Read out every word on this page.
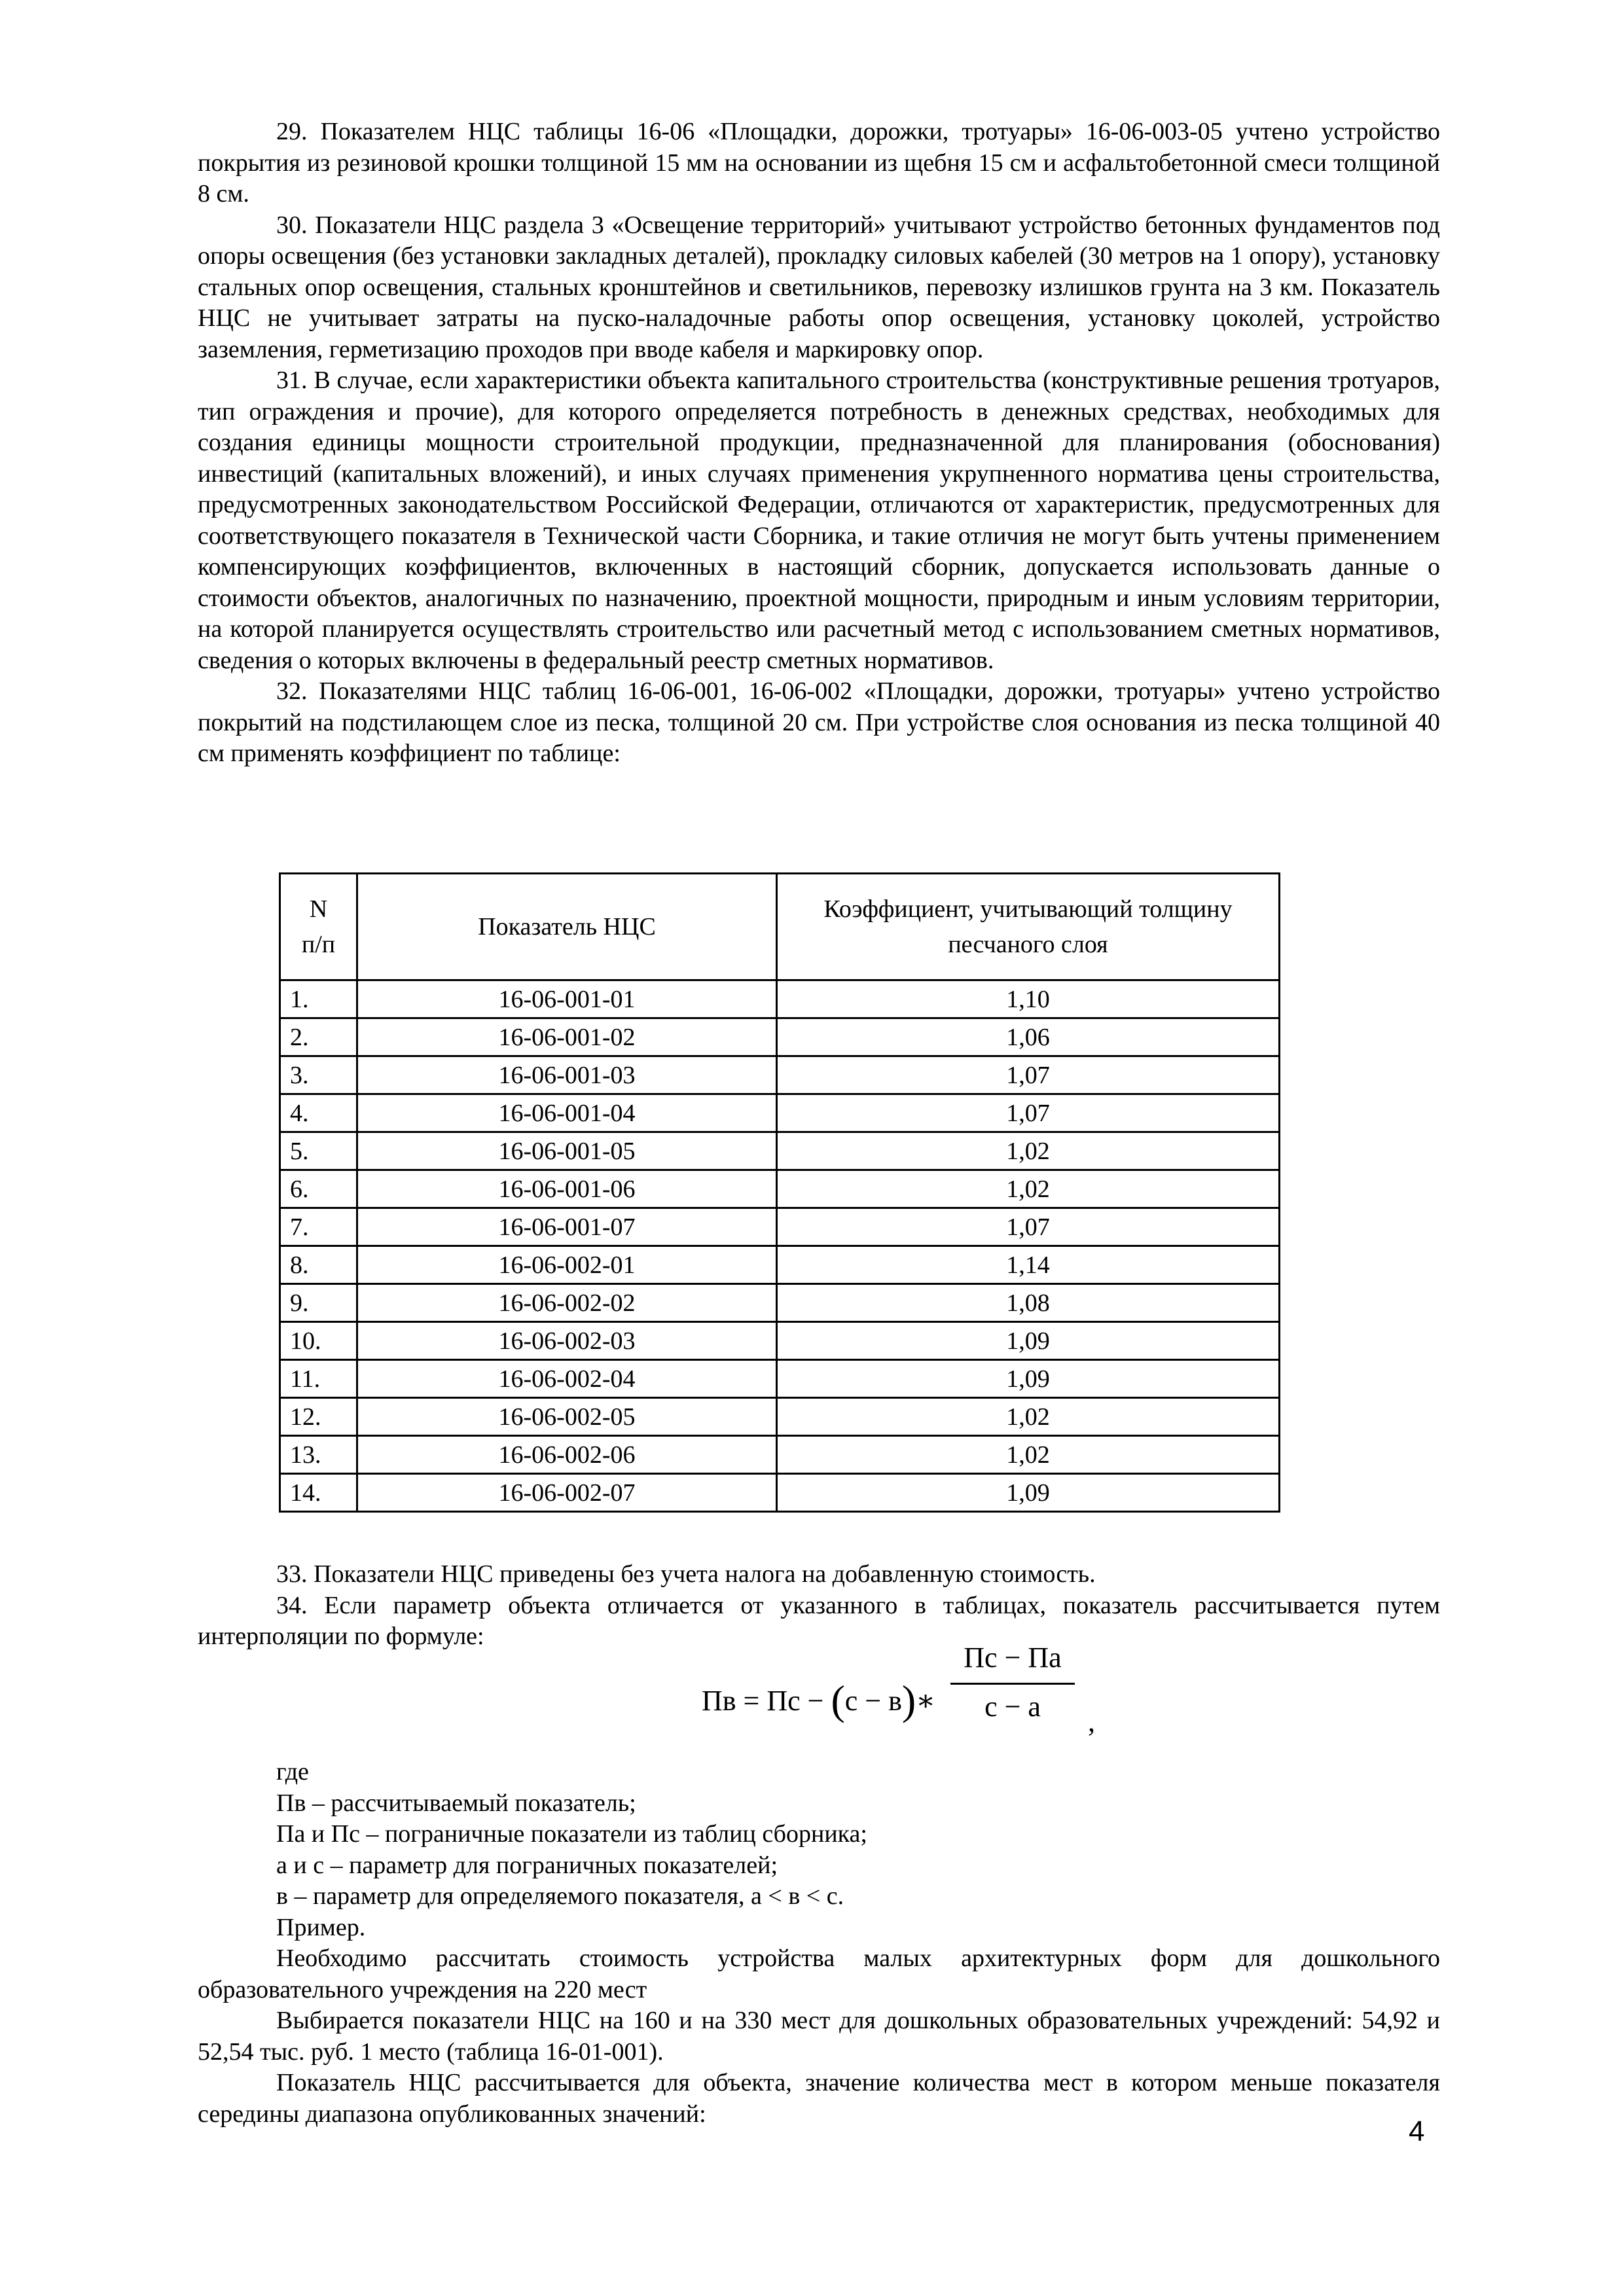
29. Показателем НЦС таблицы 16-06 «Площадки, дорожки, тротуары» 16-06-003-05 учтено устройство покрытия из резиновой крошки толщиной 15 мм на основании из щебня 15 см и асфальтобетонной смеси толщиной 8 см.

30. Показатели НЦС раздела 3 «Освещение территорий» учитывают устройство бетонных фундаментов под опоры освещения (без установки закладных деталей), прокладку силовых кабелей (30 метров на 1 опору), установку стальных опор освещения, стальных кронштейнов и светильников, перевозку излишков грунта на 3 км. Показатель НЦС не учитывает затраты на пуско-наладочные работы опор освещения, установку цоколей, устройство заземления, герметизацию проходов при вводе кабеля и маркировку опор.

31. В случае, если характеристики объекта капитального строительства (конструктивные решения тротуаров, тип ограждения и прочие), для которого определяется потребность в денежных средствах, необходимых для создания единицы мощности строительной продукции, предназначенной для планирования (обоснования) инвестиций (капитальных вложений), и иных случаях применения укрупненного норматива цены строительства, предусмотренных законодательством Российской Федерации, отличаются от характеристик, предусмотренных для соответствующего показателя в Технической части Сборника, и такие отличия не могут быть учтены применением компенсирующих коэффициентов, включенных в настоящий сборник, допускается использовать данные о стоимости объектов, аналогичных по назначению, проектной мощности, природным и иным условиям территории, на которой планируется осуществлять строительство или расчетный метод с использованием сметных нормативов, сведения о которых включены в федеральный реестр сметных нормативов.

32. Показателями НЦС таблиц 16-06-001, 16-06-002 «Площадки, дорожки, тротуары» учтено устройство покрытий на подстилающем слое из песка, толщиной 20 см. При устройстве слоя основания из песка толщиной 40 см применять коэффициент по таблице:

N п/п	Показатель НЦС	Коэффициент, учитывающий толщину песчаного слоя
1.	16-06-001-01	1,10
2.	16-06-001-02	1,06
3.	16-06-001-03	1,07
4.	16-06-001-04	1,07
5.	16-06-001-05	1,02
6.	16-06-001-06	1,02
7.	16-06-001-07	1,07
8.	16-06-002-01	1,14
9.	16-06-002-02	1,08
10.	16-06-002-03	1,09
11.	16-06-002-04	1,09
12.	16-06-002-05	1,02
13.	16-06-002-06	1,02
14.	16-06-002-07	1,09

33. Показатели НЦС приведены без учета налога на добавленную стоимость.

34. Если параметр объекта отличается от указанного в таблицах, показатель рассчитывается путем интерполяции по формуле:

Пв = Пс − (с − в)∗
Пс − Па
с − а	,

где

Пв – рассчитываемый показатель;

Па и Пс – пограничные показатели из таблиц сборника;

а и с – параметр для пограничных показателей;

в – параметр для определяемого показателя, а < в < с.

Пример.

Необходимо рассчитать стоимость устройства малых архитектурных форм для дошкольного образовательного учреждения на 220 мест

Выбирается показатели НЦС на 160 и на 330 мест для дошкольных образовательных учреждений: 54,92 и 52,54 тыс. руб. 1 место (таблица 16-01-001).

Показатель НЦС рассчитывается для объекта, значение количества мест в котором меньше показателя середины диапазона опубликованных значений:

4
